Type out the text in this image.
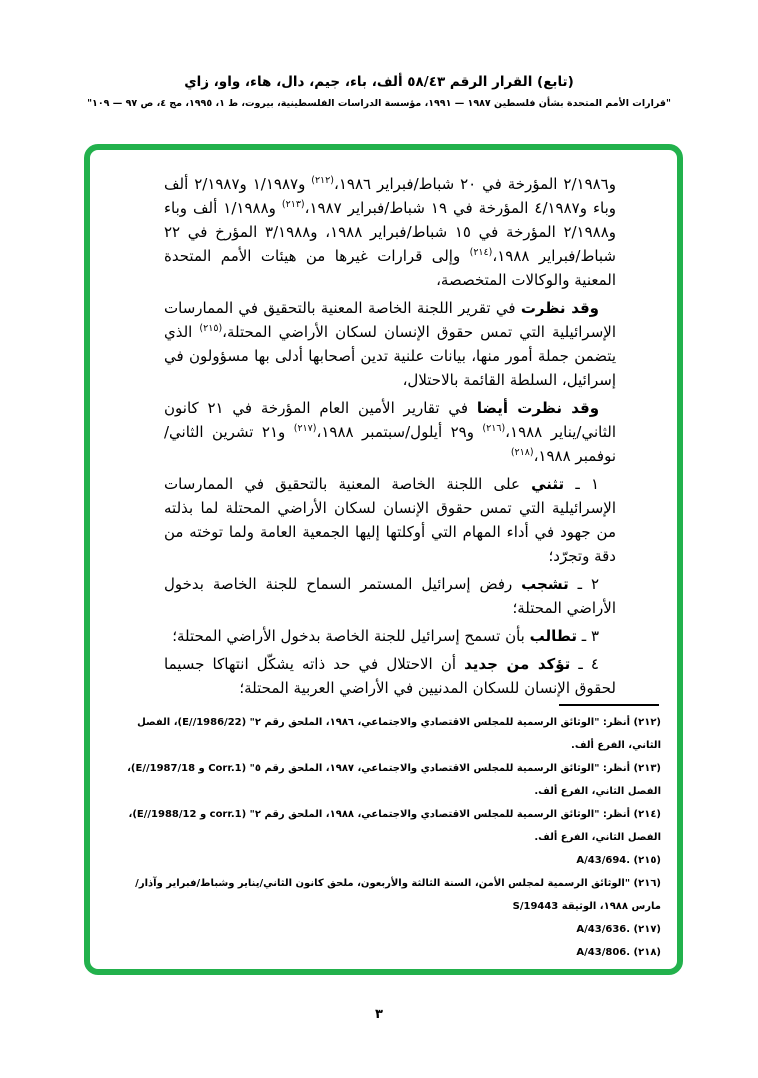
(تابع) القرار الرقم ٥٨/٤٣ ألف، باء، جيم، دال، هاء، واو، زاي
"قرارات الأمم المتحدة بشأن فلسطين ١٩٨٧ — ١٩٩١، مؤسسة الدراسات الفلسطينية، بيروت، ط ١، ١٩٩٥، مج ٤، ص ٩٧ — ١٠٩"

و٢/١٩٨٦ المؤرخة في ٢٠ شباط/فبراير ١٩٨٦،$^{(٢١٢)}$ و١/١٩٨٧ و٢/١٩٨٧ ألف وباء و٤/١٩٨٧ المؤرخة في ١٩ شباط/فبراير ١٩٨٧،$^{(٢١٣)}$ و١/١٩٨٨ ألف وباء و٢/١٩٨٨ المؤرخة في ١٥ شباط/فبراير ١٩٨٨، و٣/١٩٨٨ المؤرخ في ٢٢ شباط/فبراير ١٩٨٨،$^{(٢١٤)}$ وإلى قرارات غيرها من هيئات الأمم المتحدة المعنية والوكالات المتخصصة،

وقد نظرت في تقرير اللجنة الخاصة المعنية بالتحقيق في الممارسات الإسرائيلية التي تمس حقوق الإنسان لسكان الأراضي المحتلة،$^{(٢١٥)}$ الذي يتضمن جملة أمور منها، بيانات علنية تدين أصحابها أدلى بها مسؤولون في إسرائيل، السلطة القائمة بالاحتلال،

وقد نظرت أيضا في تقارير الأمين العام المؤرخة في ٢١ كانون الثاني/يناير ١٩٨٨،$^{(٢١٦)}$ و٢٩ أيلول/سبتمبر ١٩٨٨،$^{(٢١٧)}$ و٢١ تشرين الثاني/نوفمبر ١٩٨٨،$^{(٢١٨)}$

١ ـ تثني على اللجنة الخاصة المعنية بالتحقيق في الممارسات الإسرائيلية التي تمس حقوق الإنسان لسكان الأراضي المحتلة لما بذلته من جهود في أداء المهام التي أوكلتها إليها الجمعية العامة ولما توخته من دقة وتجرّد؛

٢ ـ تشجب رفض إسرائيل المستمر السماح للجنة الخاصة بدخول الأراضي المحتلة؛

٣ ـ تطالب بأن تسمح إسرائيل للجنة الخاصة بدخول الأراضي المحتلة؛

٤ ـ تؤكد من جديد أن الاحتلال في حد ذاته يشكّل انتهاكا جسيما لحقوق الإنسان للسكان المدنيين في الأراضي العربية المحتلة؛

(٢١٢) أنظر: "الوثائق الرسمية للمجلس الاقتصادي والاجتماعي، ١٩٨٦، الملحق رقم ٢" (E//1986/22)، الفصل الثاني، الفرع ألف.
(٢١٣) أنظر: "الوثائق الرسمية للمجلس الاقتصادي والاجتماعي، ١٩٨٧، الملحق رقم ٥" (E//1987/18 و Corr.1)، الفصل الثاني، الفرع ألف.
(٢١٤) أنظر: "الوثائق الرسمية للمجلس الاقتصادي والاجتماعي، ١٩٨٨، الملحق رقم ٢" (E//1988/12 و corr.1)، الفصل الثاني، الفرع ألف.
(٢١٥) A/43/694.
(٢١٦) "الوثائق الرسمية لمجلس الأمن، السنة الثالثة والأربعون، ملحق كانون الثاني/يناير وشباط/فبراير وآذار/مارس ١٩٨٨، الوثيقة S/19443
(٢١٧) A/43/636.
(٢١٨) A/43/806.
٣
